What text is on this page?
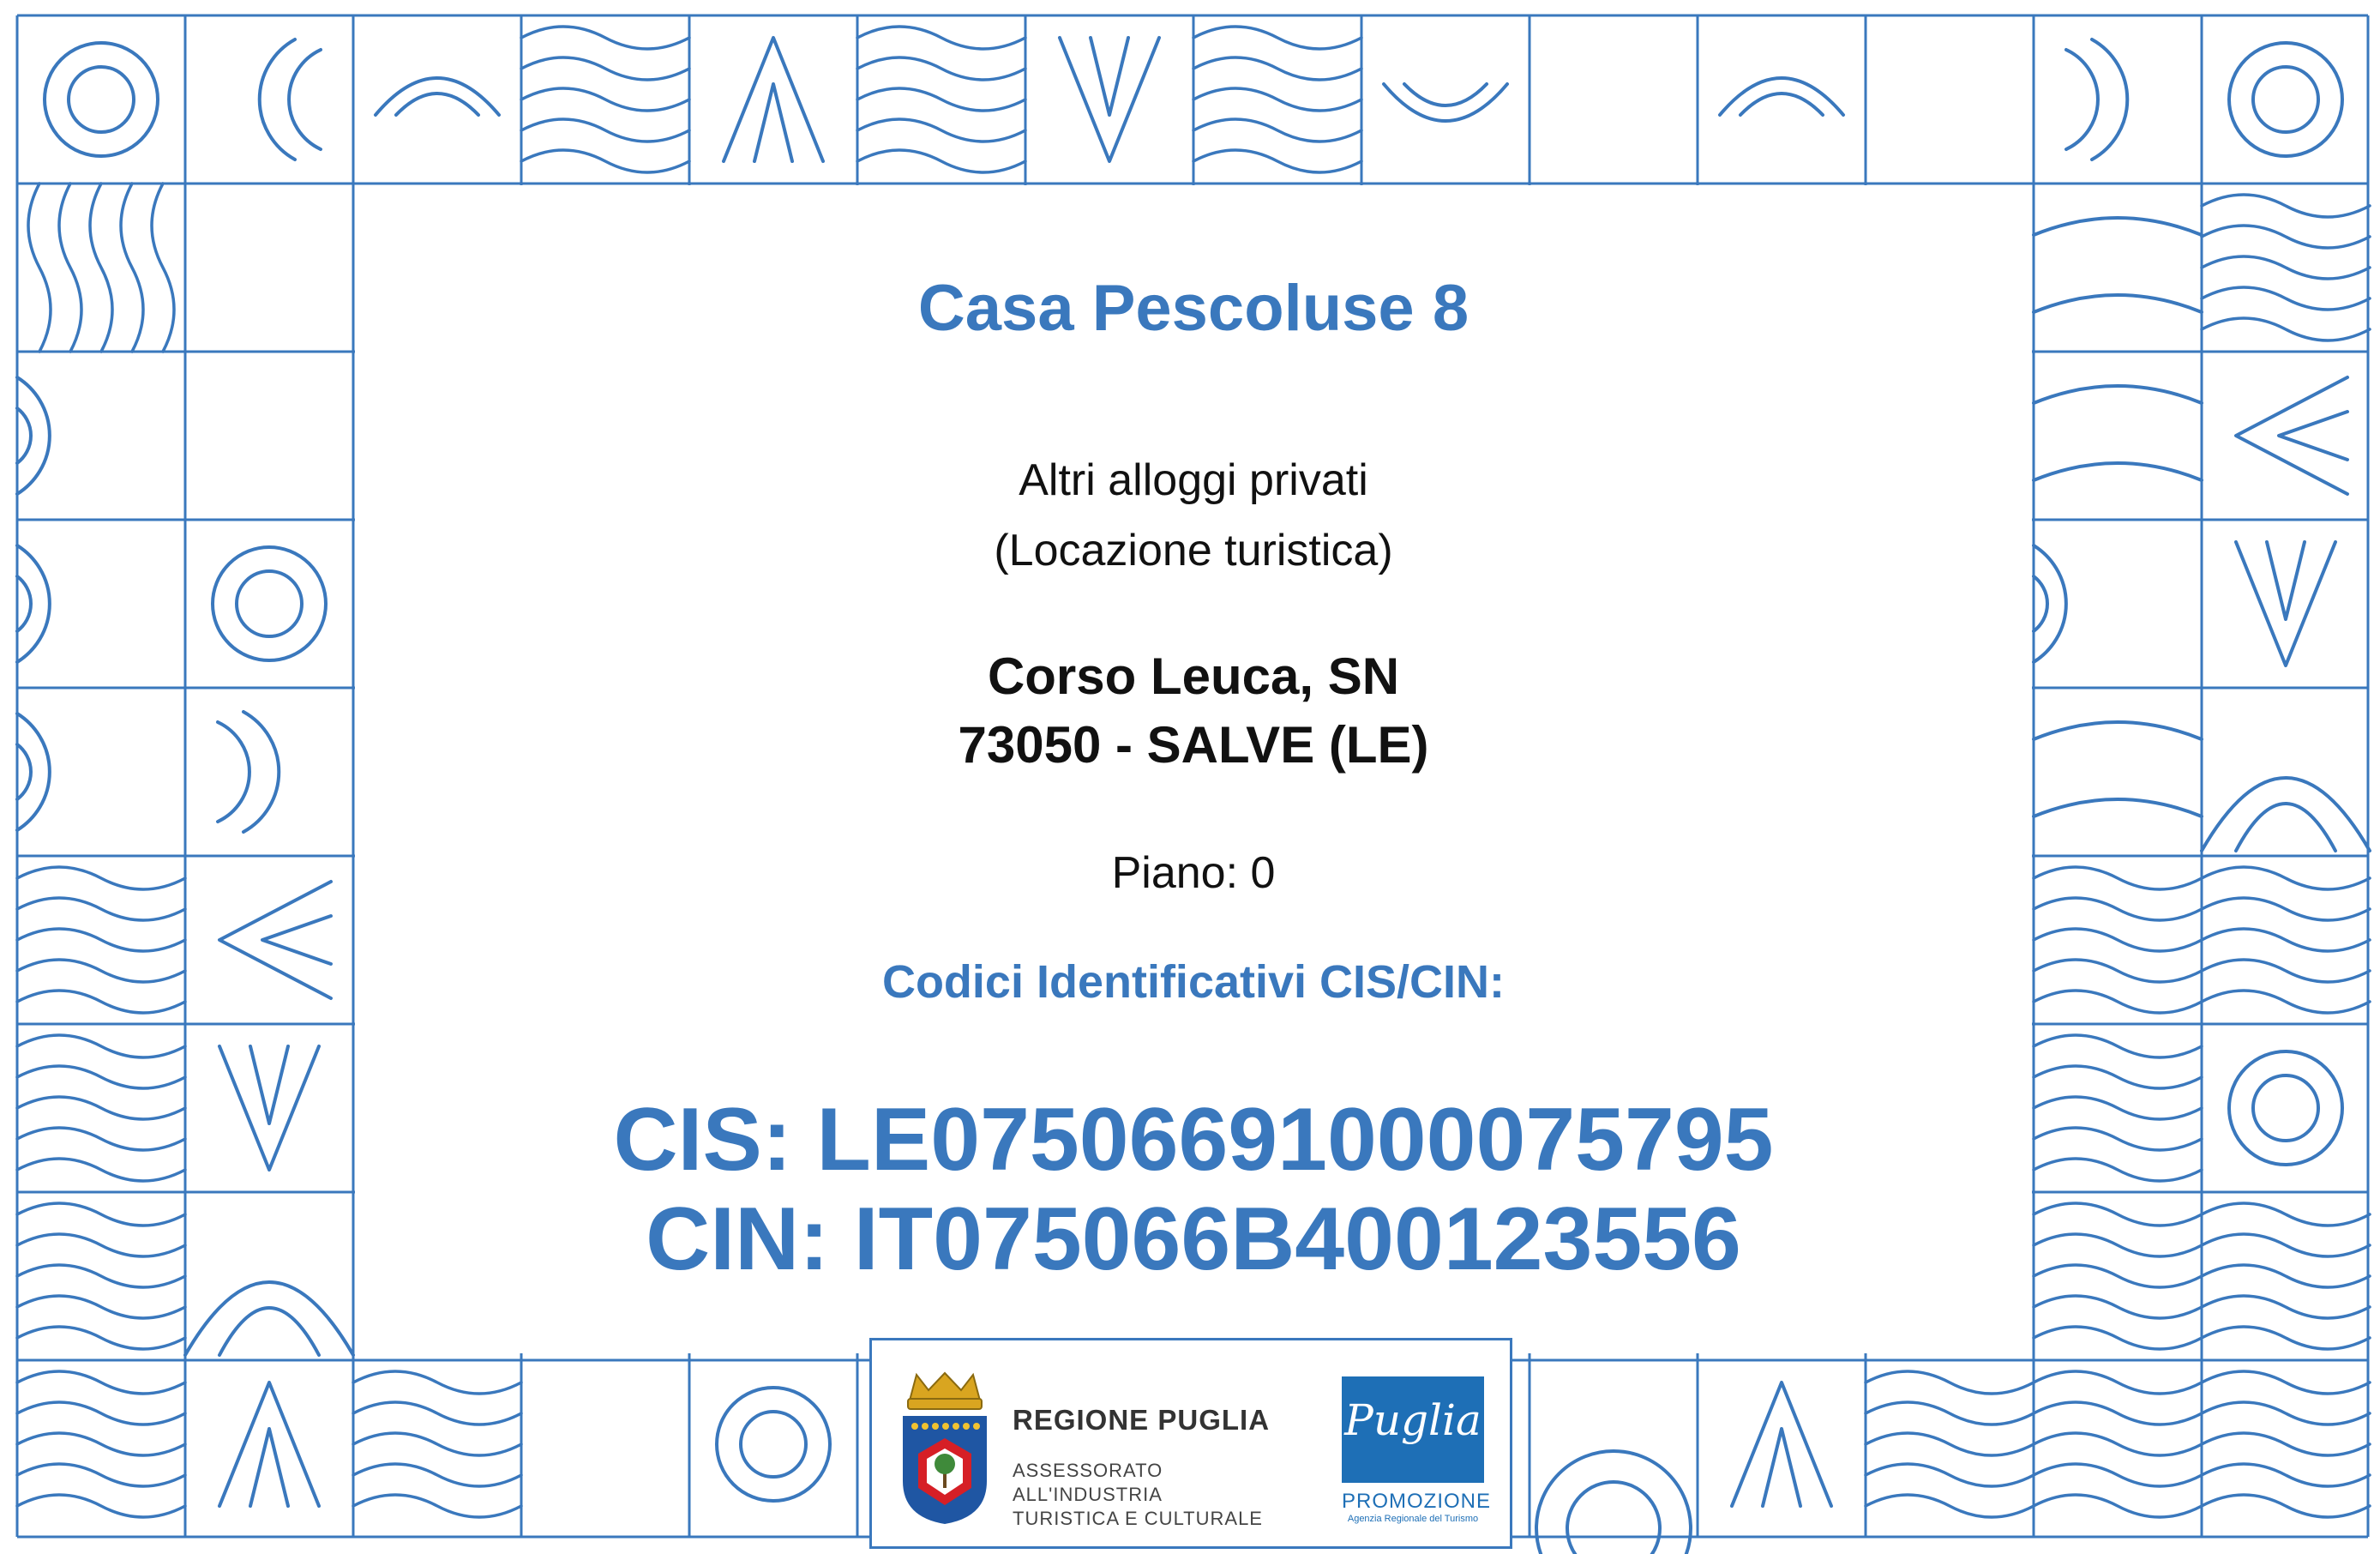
Casa Pescoluse 8
Altri alloggi privati
(Locazione turistica)
Corso Leuca, SN
73050 - SALVE (LE)
Piano: 0
Codici Identificativi CIS/CIN:
CIS: LE07506691000075795
CIN: IT075066B400123556
REGIONE PUGLIA
ASSESSORATO ALL'INDUSTRIA
TURISTICA E CULTURALE
Puglia
PROMOZIONE
Agenzia Regionale del Turismo
